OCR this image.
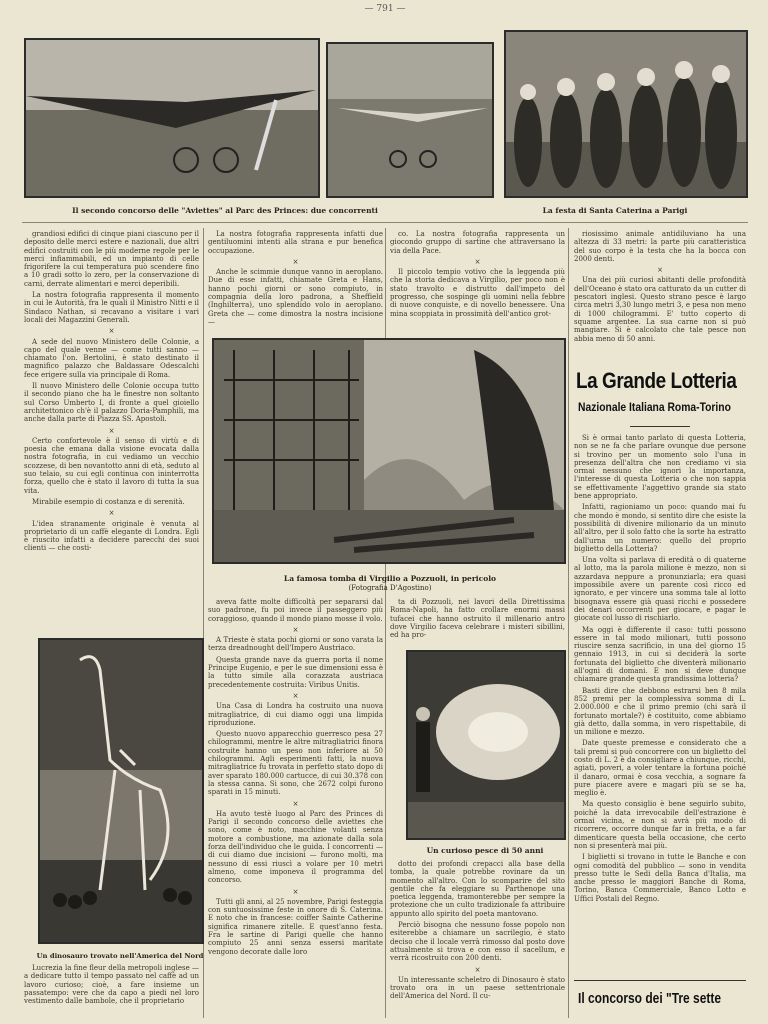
— 791 —
Il secondo concorso delle "Aviettes" al Parc des Princes: due concorrenti	La festa di Santa Caterina a Parigi

grandiosi edifici di cinque piani ciascuno per il deposito delle merci estere e nazionali, due altri edifici costruiti con le più moderne regole per le merci infiammabili, ed un impianto di celle frigorifere la cui temperatura può scendere fino a 10 gradi sotto lo zero, per la conservazione di carni, derrate alimentari e merci deperibili.

La nostra fotografia rappresenta il momento in cui le Autorità, fra le quali il Ministro Nitti e il Sindaco Nathan, si recavano a visitare i vari locali dei Magazzini Generali.

×

A sede del nuovo Ministero delle Colonie, a capo del quale venne — come tutti sanno — chiamato l'on. Bertolini, è stato destinato il magnifico palazzo che Baldassare Odescalchi fece erigere sulla via principale di Roma.

Il nuovo Ministero delle Colonie occupa tutto il secondo piano che ha le finestre non soltanto sul Corso Umberto I, di fronte a quel gioiello architettonico ch'è il palazzo Doria-Pamphili, ma anche dalla parte di Piazza SS. Apostoli.

×

Certo confortevole è il senso di virtù e di poesia che emana dalla visione evocata dalla nostra fotografia, in cui vediamo un vecchio scozzese, di ben novantotto anni di età, seduto al suo telaio, su cui egli continua con ininterrotta forza, quello che è stato il lavoro di tutta la sua vita.

Mirabile esempio di costanza e di serenità.

×

L'idea stranamente originale è venuta al proprietario di un caffè elegante di Londra. Egli è riuscito infatti a decidere parecchi dei suoi clienti — che costi-

La nostra fotografia rappresenta infatti due gentiluomini intenti alla strana e pur benefica occupazione.

×

Anche le scimmie dunque vanno in aeroplano. Due di esse infatti, chiamate Greta e Hans, hanno pochi giorni or sono compiuto, in compagnia della loro padrona, a Sheffield (Inghilterra), uno splendido volo in aeroplano. Greta che — come dimostra la nostra incisione —

co. La nostra fotografia rappresenta un giocondo gruppo di sartine che attraversano la via della Pace.

×

Il piccolo tempio votivo che la leggenda più che la storia dedicava a Virgilio, per poco non è stato travolto e distrutto dall'impeto del progresso, che sospinge gli uomini nella febbre di nuove conquiste, e di novello benessere. Una mina scoppiata in prossimità dell'antico grot-

La famosa tomba di Virgilio a Pozzuoli, in pericolo
(Fotografia D'Agostino)

riosissimo animale antidiluviano ha una altezza di 33 metri: la parte più caratteristica del suo corpo è la testa che ha la bocca con 2000 denti.

×

Una dei più curiosi abitanti delle profondità dell'Oceano è stato ora catturato da un cutter di pescatori inglesi. Questo strano pesce è largo circa metri 3,30 lungo metri 3, e pesa non meno di 1000 chilogrammi. E' tutto coperto di squame argentee. La sua carne non si può mangiare. Si è calcolato che tale pesce non abbia meno di 50 anni.

La Grande Lotteria
Nazionale Italiana Roma-Torino

Si è ormai tanto parlato di questa Lotteria, non se ne fa che parlare ovunque due persone si trovino per un momento solo l'una in presenza dell'altra che non crediamo vi sia ormai nessuno che ignori la importanza, l'interesse di questa Lotteria o che non sappia se effettivamente l'aggettivo grande sia stato bene appropriato.

Infatti, ragioniamo un poco: quando mai fu che mondo è mondo, si sentito dire che esiste la possibilità di divenire milionario da un minuto all'altro, per il solo fatto che la sorte ha estratto dall'urna un numero: quello del proprio biglietto della Lotteria?

Una volta si parlava di eredità o di quaterne al lotto, ma la parola milione è mezzo, non si azzardava neppure a pronunziarla; era quasi impossibile avere un parente così ricco ed ignorato, e per vincere una somma tale al lotto bisognava essere già quasi ricchi e possedere dei denari occorrenti per giocare, e pagar le giocate col lusso di rischiarlo.

Ma oggi è differente il caso: tutti possono essere in tal modo milionari, tutti possono riuscire senza sacrificio, in una del giorno 15 gennaio 1913, in cui si deciderà la sorte fortunata del biglietto che diventerà milionario all'ogni di domani. E non si deve dunque chiamare grande questa grandissima lotteria?

Basti dire che debbono estrarsi ben 8 mila 852 premi per la complessiva somma di L. 2.000.000 e che il primo premio (chi sarà il fortunato mortale?) è costituito, come abbiamo già detto, dalla somma, in vero rispettabile, di un milione e mezzo.

Date queste premesse e considerato che a tali premi si può concorrere con un biglietto del costo di L. 2 è da consigliare a chiunque, ricchi, agiati, poveri, a voler tentare la fortuna poiché il danaro, ormai è cosa vecchia, a sognare fa pure piacere avere e magari più se se ha, meglio è.

Ma questo consiglio è bene seguirlo subito, poiché la data irrevocabile dell'estrazione è ormai vicina, e non si avrà più modo di ricorrere, occorre dunque far in fretta, e a far dimenticare questa bella occasione, che certo non si presenterà mai più.

I biglietti si trovano in tutte le Banche e con ogni comodità del pubblico — sono in vendita presso tutte le Sedi della Banca d'Italia, ma anche presso le maggiori Banche di Roma, Torino, Banca Commerciale, Banco Lotto e Uffici Postali del Regno.

Un dinosauro trovato nell'America del Nord

Lucrezia la fine fleur della metropoli inglese — a dedicare tutto il tempo passato nel caffè ad un lavoro curioso; cioè, a fare insieme un passatempo: vere che da capo a piedi nel loro vestimento dalle bambole, che il proprietario

aveva fatte molte difficoltà per separarsi dal suo padrone, fu poi invece il passeggero più coraggioso, quando il mondo piano mosse il volo.

×

A Trieste è stata pochi giorni or sono varata la terza dreadnought dell'Impero Austriaco.

Questa grande nave da guerra porta il nome Principe Eugenio, e per le sue dimensioni essa è la tutto simile alla corazzata austriaca precedentemente costruita: Viribus Unitis.

×

Una Casa di Londra ha costruito una nuova mitragliatrice, di cui diamo oggi una limpida riproduzione.

Questo nuovo apparecchio guerresco pesa 27 chilogrammi, mentre le altre mitragliatrici finora costruite hanno un peso non inferiore ai 50 chilogrammi. Agli esperimenti fatti, la nuova mitragliatrice fu trovata in perfetto stato dopo di aver sparato 180.000 cartucce, di cui 30.378 con la stessa canna. Si sono, che 2672 colpi furono sparati in 15 minuti.

×

Ha avuto testè luogo al Parc des Princes di Parigi il secondo concorso delle aviettes che sono, come è noto, macchine volanti senza motore a combustione, ma azionate dalla sola forza dell'individuo che le guida. I concorrenti — di cui diamo due incisioni — furono molti, ma nessuno di essi riuscì a volare per 10 metri almeno, come imponeva il programma del concorso.

×

Tutti gli anni, al 25 novembre, Parigi festeggia con suntuosissime feste in onore di S. Caterina. E noto che in francese: coiffer Sainte Catherine significa rimanere zitelle. E quest'anno festa. Fra le sartine di Parigi quelle che hanno compiuto 25 anni senza essersi maritate vengono decorate dalle loro

ta di Pozzuoli, nei lavori della Direttissima Roma-Napoli, ha fatto crollare enormi massi tufacei che hanno ostruito il millenario antro dove Virgilio faceva celebrare i misteri sibillini, ed ha pro-

Un curioso pesce di 50 anni

dotto dei profondi crepacci alla base della tomba, la quale potrebbe rovinare da un momento all'altro. Con lo scomparire del sito gentile che fa eleggiare su Parthenope una poetica leggenda, tramonterebbe per sempre la protezione che un culto tradizionale fa attribuire appunto allo spirito del poeta mantovano.

Perciò bisogna che nessuno fosse popolo non esiterebbe a chiamare un sacrilegio, è stato deciso che il locale verrà rimosso dal posto dove attualmente si trova e con esso il sacellum, e verrà ricostruito con 200 denti.

×

Un interessante scheletro di Dinosauro è stato trovato ora in un paese settentrionale dell'America del Nord. Il cu-	Il concorso dei "Tre sette
